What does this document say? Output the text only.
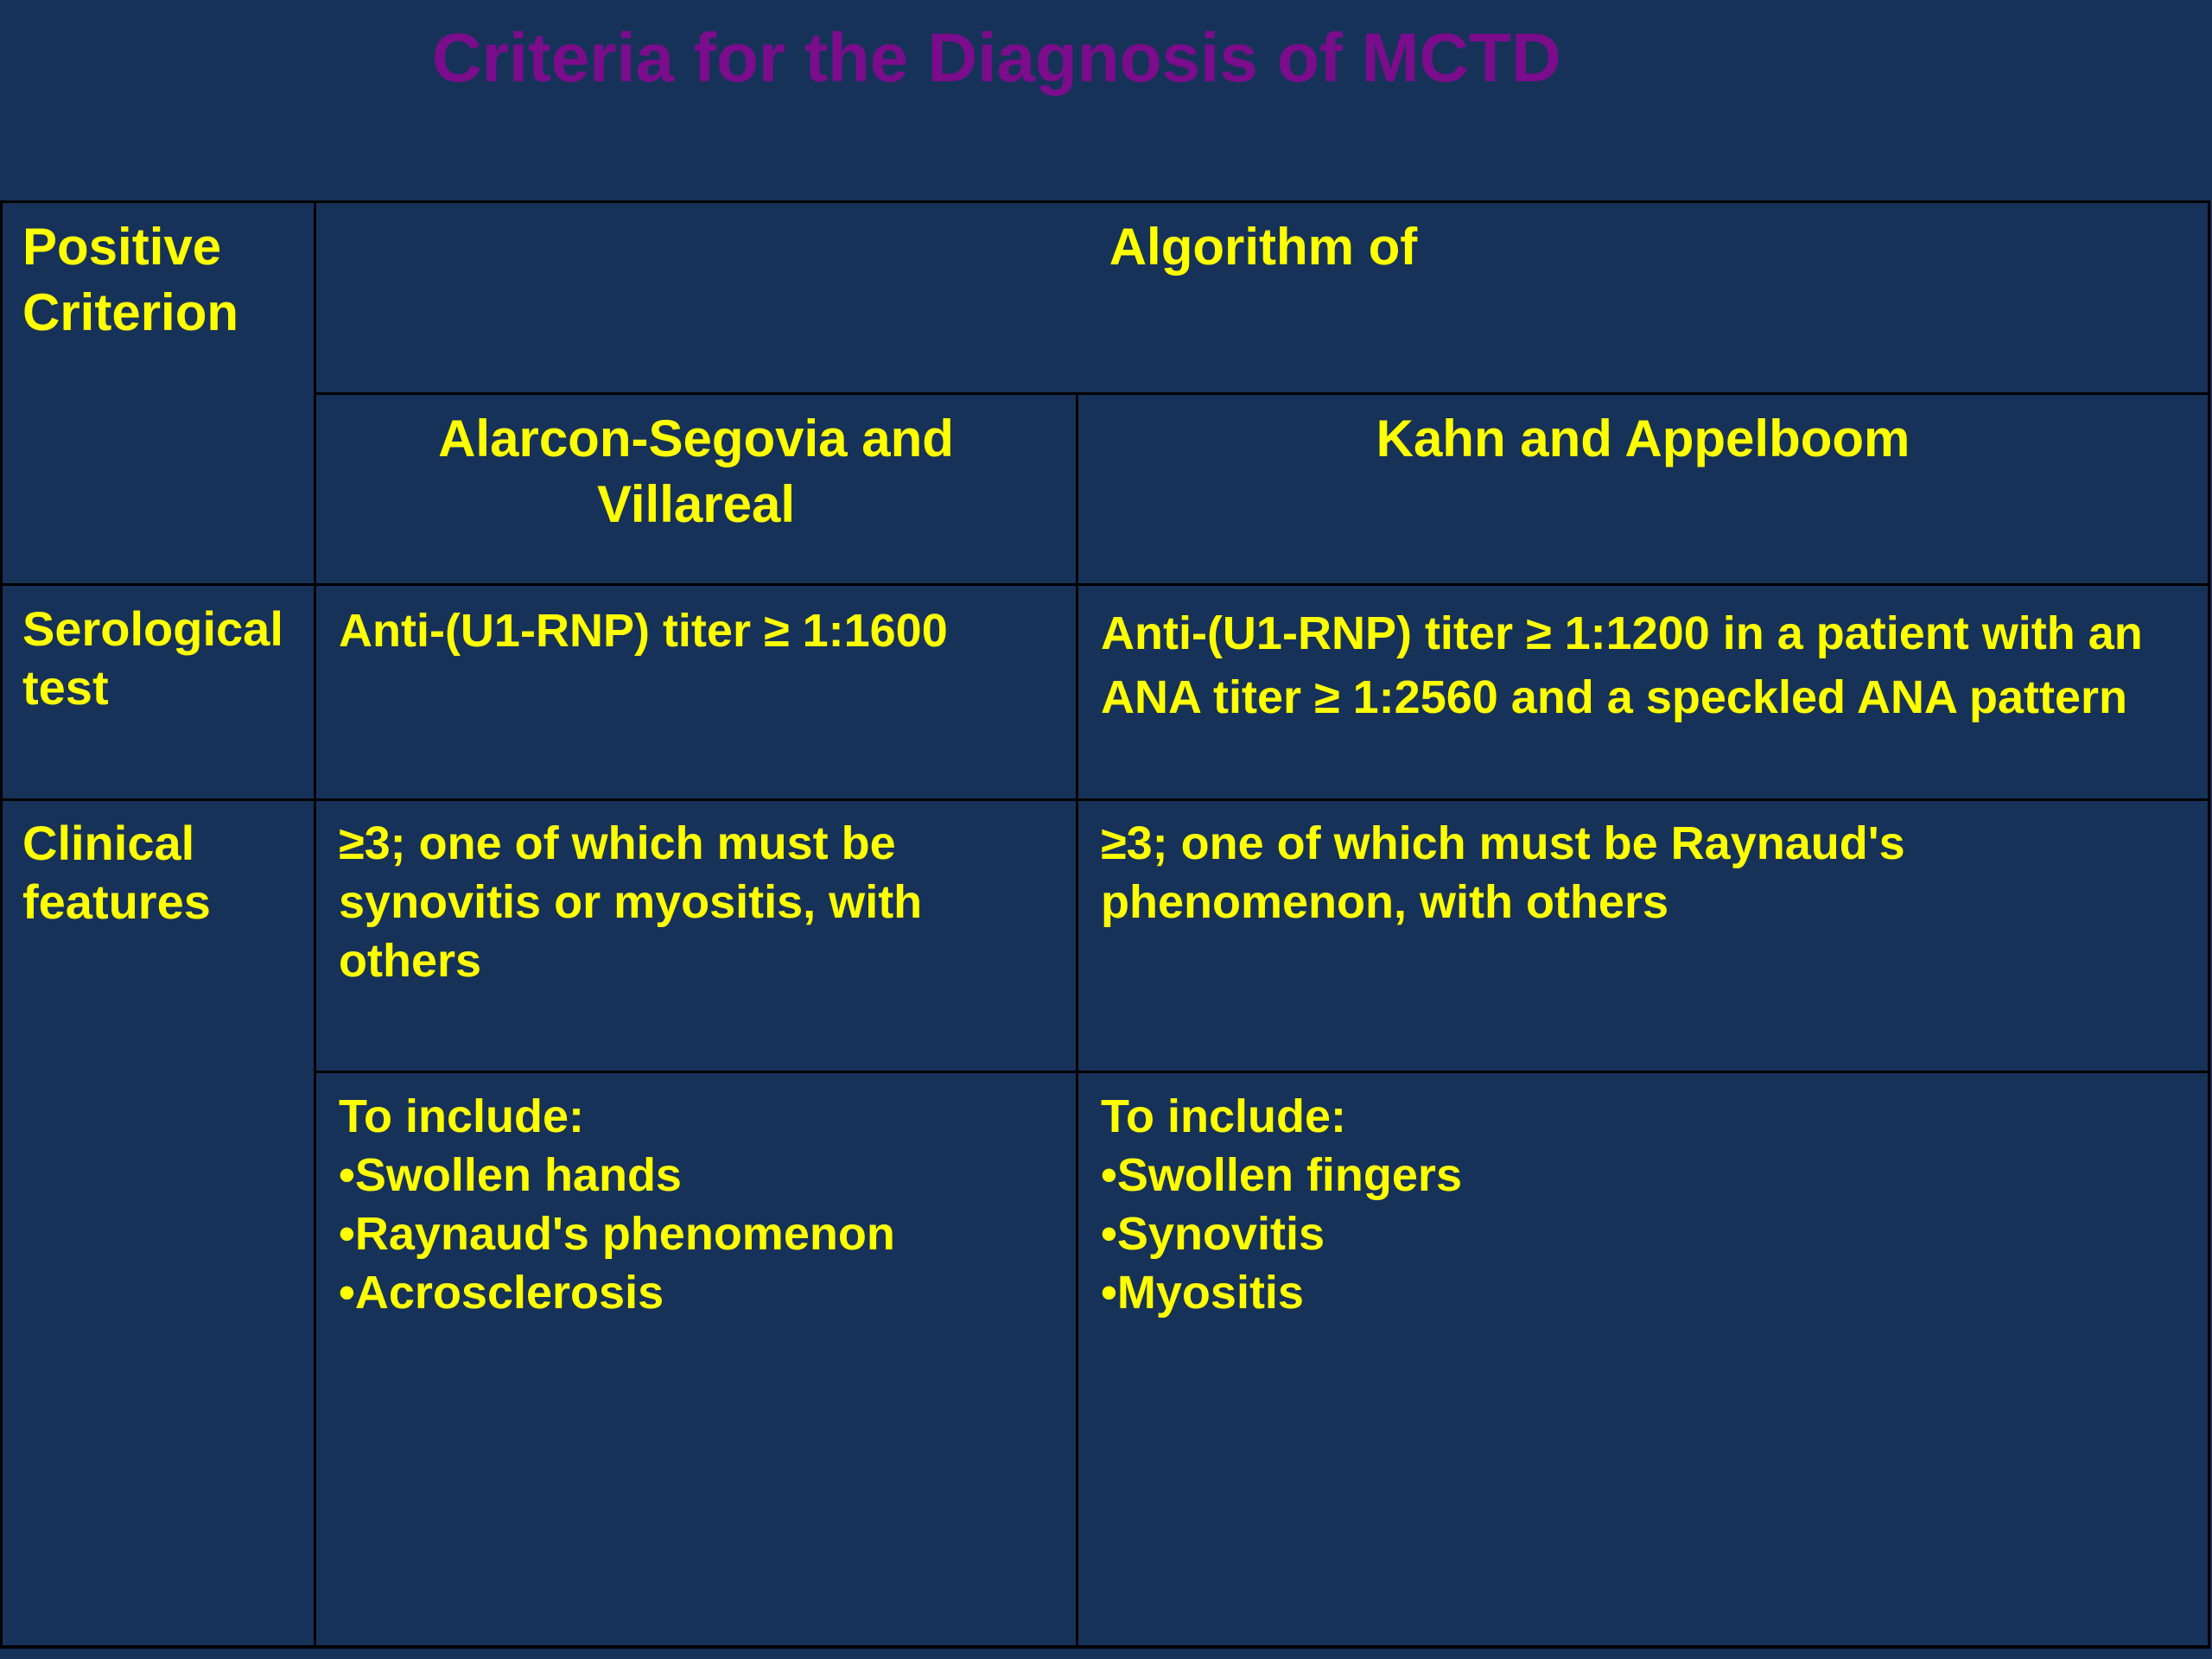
Criteria for the Diagnosis of MCTD

Positive Criterion

Algorithm of

Alarcon-Segovia and Villareal

Kahn and Appelboom

Serological test

Anti-(U1-RNP) titer ≥ 1:1600	Anti-(U1-RNP) titer ≥ 1:1200 in a patient with an ANA titer ≥ 1:2560 and a speckled ANA pattern

Clinical features

≥3; one of which must be synovitis or myositis, with others

≥3; one of which must be Raynaud's phenomenon, with others

To include:

• Swollen hands
• Raynaud's phenomenon
• Acrosclerosis

To include:

• Swollen fingers
• Synovitis
• Myositis
